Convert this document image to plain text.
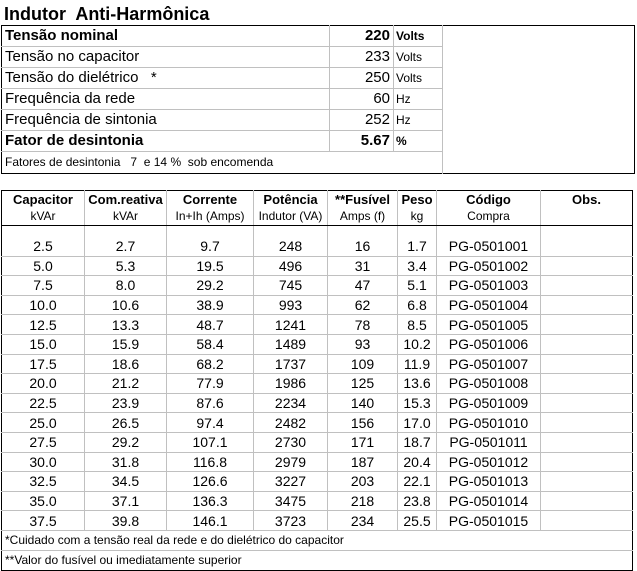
Indutor  Anti-Harmônica
Tensão nominal	220	Volts	
Tensão no capacitor	233	Volts	
Tensão do dielétrico   *	250	Volts	
Frequência da rede	60	Hz	
Frequência de sintonia	252	Hz	
Fator de desintonia	5.67	%	
Fatores de desintonia   7  e 14 %  sob encomenda			
Capacitor	Com.reativa	Corrente	Potência	**Fusível	Peso	Código	Obs.
kVAr	kVAr	In+Ih (Amps)	Indutor (VA)	Amps (f)	kg	Compra	

2.5	2.7	9.7	248	16	1.7	PG-0501001	
5.0	5.3	19.5	496	31	3.4	PG-0501002	
7.5	8.0	29.2	745	47	5.1	PG-0501003	
10.0	10.6	38.9	993	62	6.8	PG-0501004	
12.5	13.3	48.7	1241	78	8.5	PG-0501005	
15.0	15.9	58.4	1489	93	10.2	PG-0501006	
17.5	18.6	68.2	1737	109	11.9	PG-0501007	
20.0	21.2	77.9	1986	125	13.6	PG-0501008	
22.5	23.9	87.6	2234	140	15.3	PG-0501009	
25.0	26.5	97.4	2482	156	17.0	PG-0501010	
27.5	29.2	107.1	2730	171	18.7	PG-0501011	
30.0	31.8	116.8	2979	187	20.4	PG-0501012	
32.5	34.5	126.6	3227	203	22.1	PG-0501013	
35.0	37.1	136.3	3475	218	23.8	PG-0501014	
37.5	39.8	146.1	3723	234	25.5	PG-0501015	
*Cuidado com a tensão real da rede e do dielétrico do capacitor							
**Valor do fusível ou imediatamente superior							
